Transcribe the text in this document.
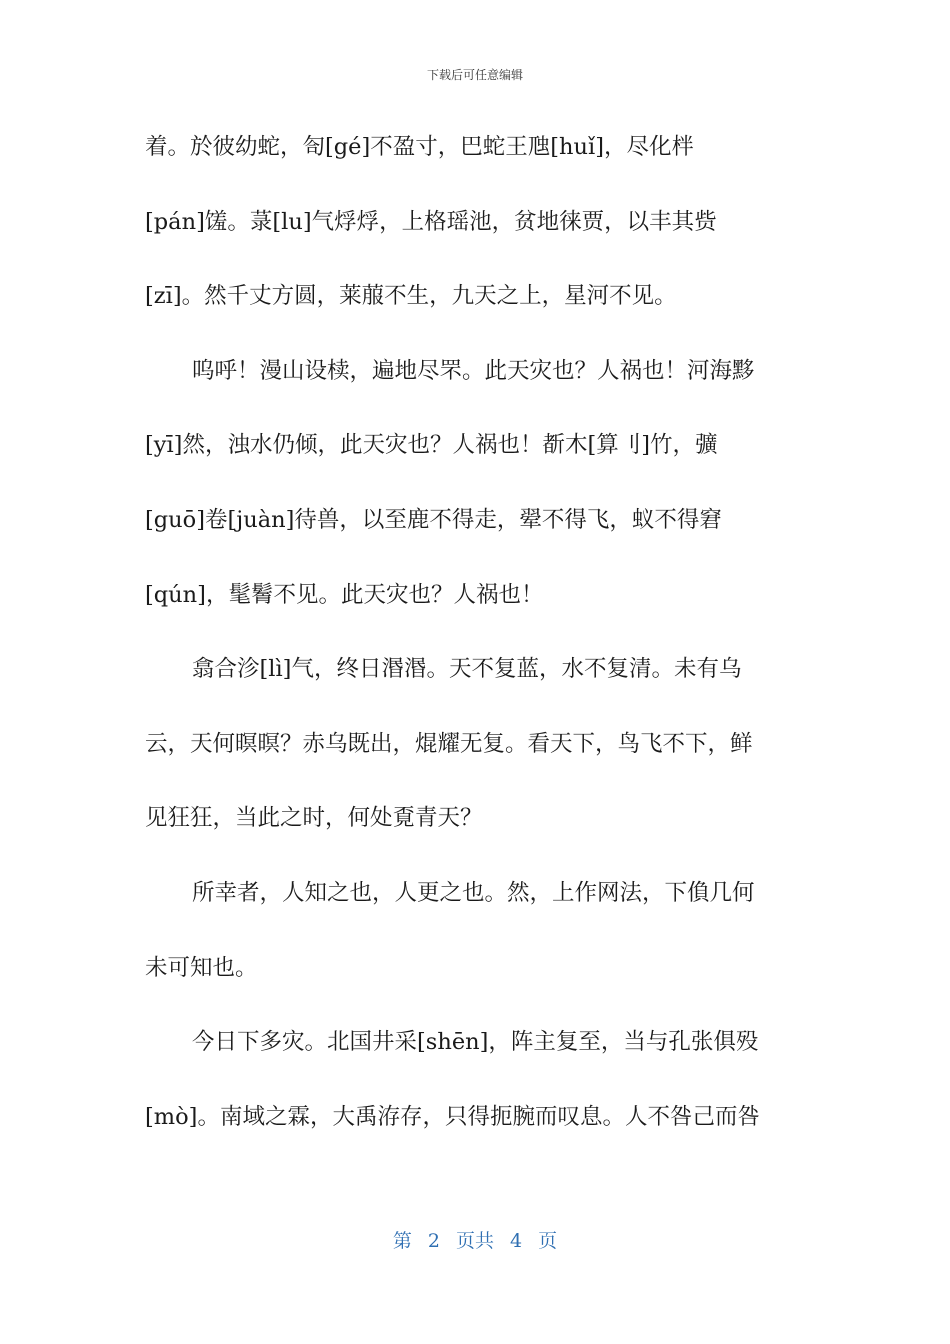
下载后可任意编辑
着。於彼幼蛇，匌[gé]不盈寸，巴蛇王虺[huǐ]，尽化柈
[pán]馐。菉[lu]气烰烰，上格瑶池，贫地徕贾，以丰其赀
[zī]。然千丈方圆，莱菔不生，九天之上，星河不见。
呜呼！漫山设椟，遍地尽罘。此天灾也？人祸也！河海黟
[yī]然，浊水仍倾，此天灾也？人祸也！斱木[算刂]竹，彍
[guō]卷[juàn]待兽，以至鹿不得走，翚不得飞，蚁不得窘
[qún]，髦鬌不见。此天灾也？人祸也！
翕合沴[lì]气，终日湣湣。天不复蓝，水不复清。未有乌
云，天何暝暝？赤乌既出，焜耀无复。看天下，鸟飞不下，鲜
见狂狂，当此之时，何处覔青天？
所幸者，人知之也，人更之也。然，上作网法，下偩几何
未可知也。
今日下多灾。北国井采[shēn]，阵主复至，当与孔张俱殁
[mò]。南域之霖，大禹洊存，只得扼腕而叹息。人不咎己而咎
第 2 页共 4 页
